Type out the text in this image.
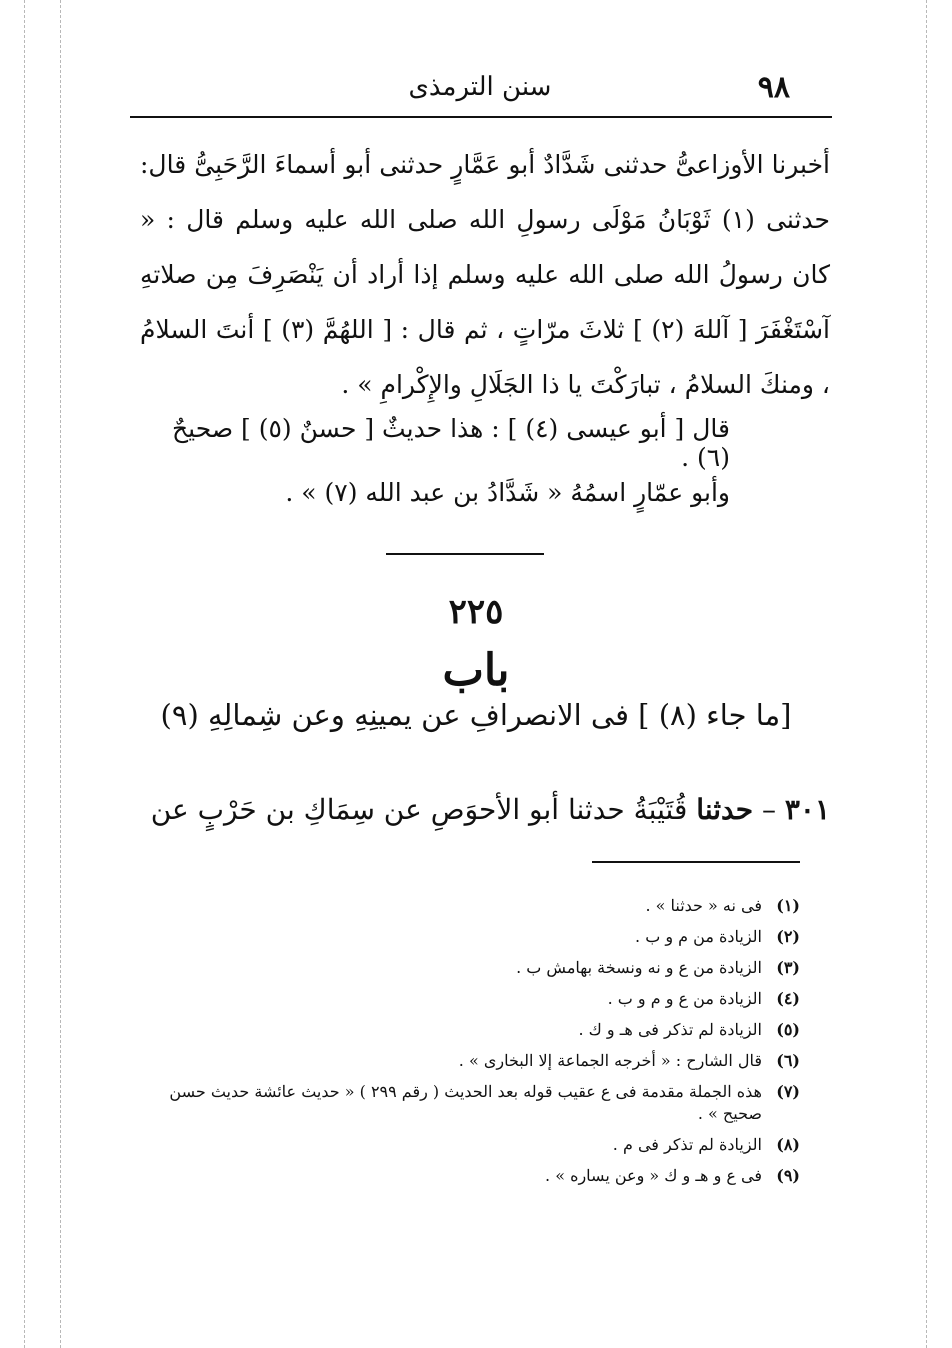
٩٨
سنن الترمذى

أخبرنا الأوزاعىُّ حدثنى شَدَّادٌ أبو عَمَّارٍ حدثنى أبو أسماءَ الرَّحَبِىُّ قال: حدثنى (١) ثَوْبَانُ مَوْلَى رسولِ الله صلى الله عليه وسلم قال : « كان رسولُ الله صلى الله عليه وسلم إذا أراد أن يَنْصَرِفَ مِن صلاتهِ آسْتَغْفَرَ [ آللهَ (٢) ] ثلاثَ مرّاتٍ ، ثم قال : [ اللهُمَّ (٣) ] أنتَ السلامُ ، ومنكَ السلامُ ، تبارَكْتَ يا ذا الجَلَالِ والإِكْرامِ » .

قال [ أبو عيسى (٤) ] : هذا حديثٌ [ حسنٌ (٥) ] صحيحٌ (٦) .

وأبو عمّارٍ اسمُهُ « شَدَّادُ بن عبد الله (٧) » .

٢٢٥
باب
[ما جاء (٨) ] فى الانصرافِ عن يمينِهِ وعن شِمالِهِ (٩)

٣٠١ – حدثنا قُتَيْبَةُ حدثنا أبو الأحوَصِ عن سِمَاكِ بن حَرْبٍ عن

(١)
فى نه « حدثنا » .
(٢)
الزيادة من م و ب .
(٣)
الزيادة من ع و نه ونسخة بهامش ب .
(٤)
الزيادة من ع و م و ب .
(٥)
الزيادة لم تذكر فى هـ و ك .
(٦)
قال الشارح : « أخرجه الجماعة إلا البخارى » .
(٧)
هذه الجملة مقدمة فى ع عقيب قوله بعد الحديث ( رقم ٢٩٩ ) « حديث عائشة حديث حسن صحيح » .
(٨)
الزيادة لم تذكر فى م .
(٩)
فى ع و هـ و ك « وعن يساره » .
